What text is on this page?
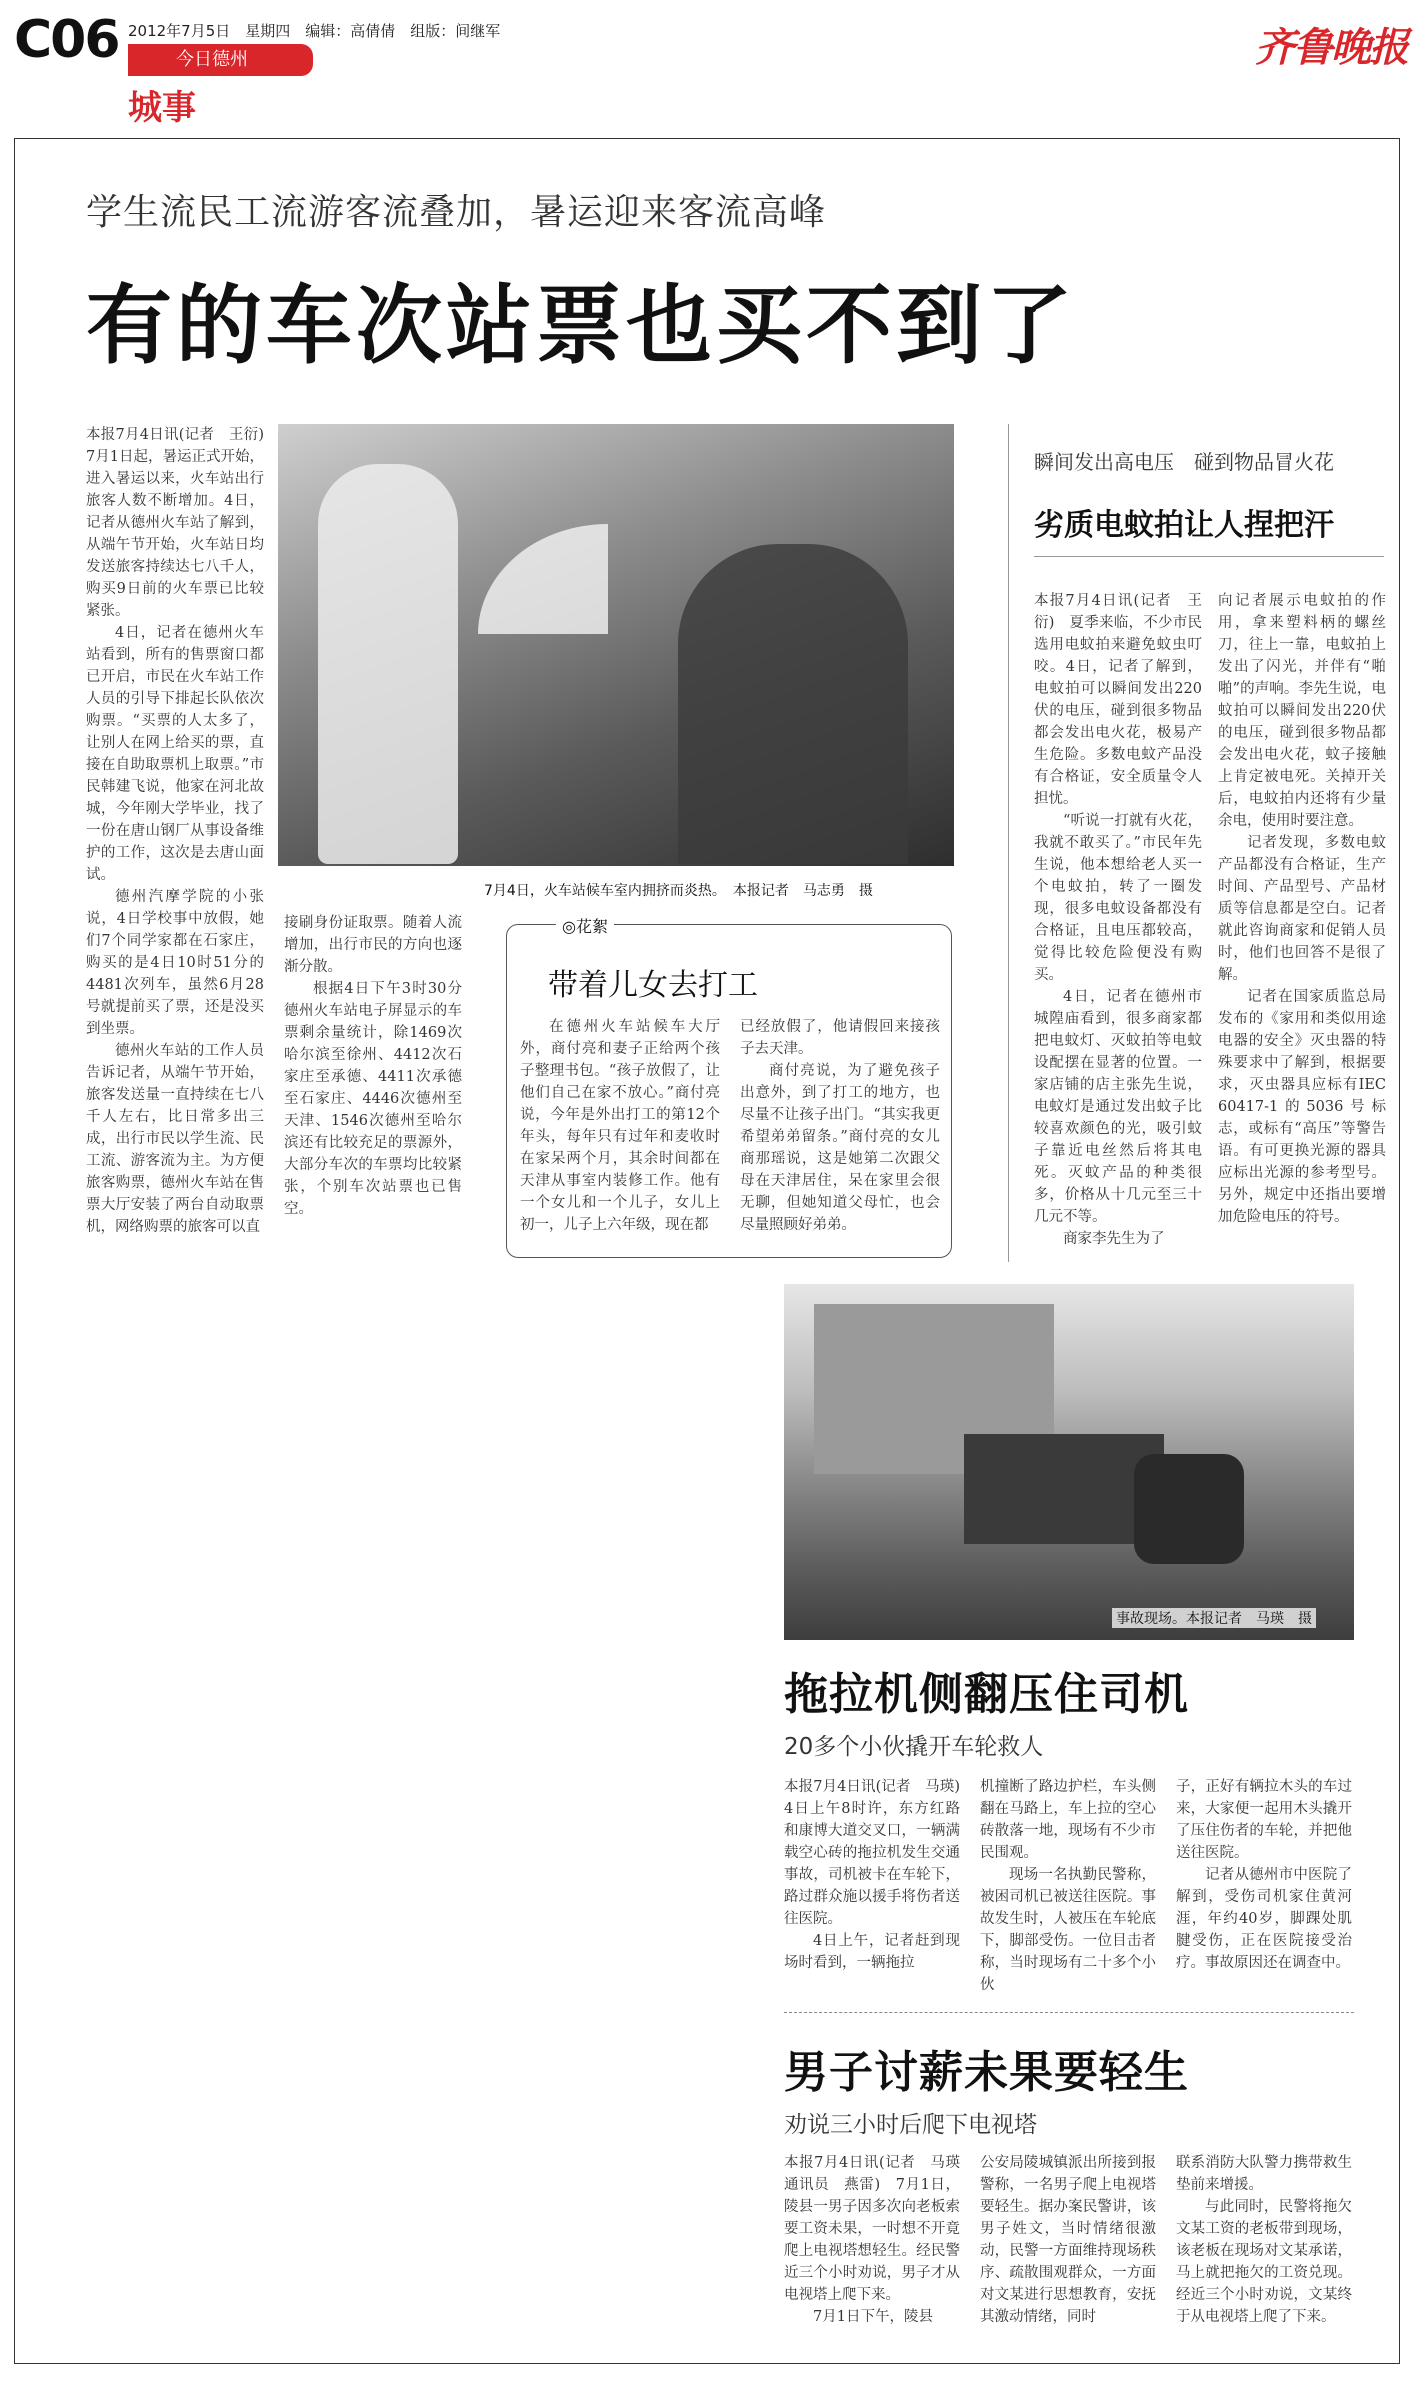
C06 2012年7月5日　星期四　编辑：高倩倩　组版：间继军
今日德州
城事
齐鲁晚报
学生流民工流游客流叠加，暑运迎来客流高峰
有的车次站票也买不到了
7月4日，火车站候车室内拥挤而炎热。　本报记者　马志勇　摄

本报7月4日讯(记者　王衍)　7月1日起，暑运正式开始，进入暑运以来，火车站出行旅客人数不断增加。4日，记者从德州火车站了解到，从端午节开始，火车站日均发送旅客持续达七八千人，购买9日前的火车票已比较紧张。

4日，记者在德州火车站看到，所有的售票窗口都已开启，市民在火车站工作人员的引导下排起长队依次购票。“买票的人太多了，让别人在网上给买的票，直接在自助取票机上取票。”市民韩建飞说，他家在河北故城，今年刚大学毕业，找了一份在唐山钢厂从事设备维护的工作，这次是去唐山面试。

德州汽摩学院的小张说，4日学校事中放假，她们7个同学家都在石家庄，购买的是4日10时51分的4481次列车，虽然6月28号就提前买了票，还是没买到坐票。

德州火车站的工作人员告诉记者，从端午节开始，旅客发送量一直持续在七八千人左右，比日常多出三成，出行市民以学生流、民工流、游客流为主。为方便旅客购票，德州火车站在售票大厅安装了两台自动取票机，网络购票的旅客可以直

接刷身份证取票。随着人流增加，出行市民的方向也逐渐分散。

根据4日下午3时30分德州火车站电子屏显示的车票剩余量统计，除1469次哈尔滨至徐州、4412次石家庄至承德、4411次承德至石家庄、4446次德州至天津、1546次德州至哈尔滨还有比较充足的票源外，大部分车次的车票均比较紧张，个别车次站票也已售空。

◎花絮
带着儿女去打工

在德州火车站候车大厅外，商付亮和妻子正给两个孩子整理书包。“孩子放假了，让他们自己在家不放心。”商付亮说，今年是外出打工的第12个年头，每年只有过年和麦收时在家呆两个月，其余时间都在天津从事室内装修工作。他有一个女儿和一个儿子，女儿上初一，儿子上六年级，现在都

已经放假了，他请假回来接孩子去天津。

商付亮说，为了避免孩子出意外，到了打工的地方，也尽量不让孩子出门。“其实我更希望弟弟留条。”商付亮的女儿商那瑶说，这是她第二次跟父母在天津居住，呆在家里会很无聊，但她知道父母忙，也会尽量照顾好弟弟。

瞬间发出高电压　碰到物品冒火花
劣质电蚊拍让人捏把汗

本报7月4日讯(记者　王衍)　夏季来临，不少市民选用电蚊拍来避免蚊虫叮咬。4日，记者了解到，电蚊拍可以瞬间发出220伏的电压，碰到很多物品都会发出电火花，极易产生危险。多数电蚊产品没有合格证，安全质量令人担忧。

“听说一打就有火花，我就不敢买了。”市民年先生说，他本想给老人买一个电蚊拍，转了一圈发现，很多电蚊设备都没有合格证，且电压都较高，觉得比较危险便没有购买。

4日，记者在德州市城隍庙看到，很多商家都把电蚊灯、灭蚊拍等电蚊设配摆在显著的位置。一家店铺的店主张先生说，电蚊灯是通过发出蚊子比较喜欢颜色的光，吸引蚊子靠近电丝然后将其电死。灭蚊产品的种类很多，价格从十几元至三十几元不等。

商家李先生为了

向记者展示电蚊拍的作用，拿来塑料柄的螺丝刀，往上一靠，电蚊拍上发出了闪光，并伴有“啪啪”的声响。李先生说，电蚊拍可以瞬间发出220伏的电压，碰到很多物品都会发出电火花，蚊子接触上肯定被电死。关掉开关后，电蚊拍内还将有少量余电，使用时要注意。

记者发现，多数电蚊产品都没有合格证，生产时间、产品型号、产品材质等信息都是空白。记者就此咨询商家和促销人员时，他们也回答不是很了解。

记者在国家质监总局发布的《家用和类似用途电器的安全》灭虫器的特殊要求中了解到，根据要求，灭虫器具应标有IEC 60417-1的5036号标志，或标有“高压”等警告语。有可更换光源的器具应标出光源的参考型号。另外，规定中还指出要增加危险电压的符号。

事故现场。本报记者　马瑛　摄
拖拉机侧翻压住司机
20多个小伙撬开车轮救人

本报7月4日讯(记者　马瑛)　4日上午8时许，东方红路和康博大道交叉口，一辆满载空心砖的拖拉机发生交通事故，司机被卡在车轮下，路过群众施以援手将伤者送往医院。

4日上午，记者赶到现场时看到，一辆拖拉

机撞断了路边护栏，车头侧翻在马路上，车上拉的空心砖散落一地，现场有不少市民围观。

现场一名执勤民警称，被困司机已被送往医院。事故发生时，人被压在车轮底下，脚部受伤。一位目击者称，当时现场有二十多个小伙

子，正好有辆拉木头的车过来，大家便一起用木头撬开了压住伤者的车轮，并把他送往医院。

记者从德州市中医院了解到，受伤司机家住黄河涯，年约40岁，脚踝处肌腱受伤，正在医院接受治疗。事故原因还在调查中。

男子讨薪未果要轻生
劝说三小时后爬下电视塔

本报7月4日讯(记者　马瑛　通讯员　燕雷)　7月1日，陵县一男子因多次向老板索要工资未果，一时想不开竟爬上电视塔想轻生。经民警近三个小时劝说，男子才从电视塔上爬下来。

7月1日下午，陵县

公安局陵城镇派出所接到报警称，一名男子爬上电视塔要轻生。据办案民警讲，该男子姓文，当时情绪很激动，民警一方面维持现场秩序、疏散围观群众，一方面对文某进行思想教育，安抚其激动情绪，同时

联系消防大队警力携带救生垫前来增援。

与此同时，民警将拖欠文某工资的老板带到现场，该老板在现场对文某承诺，马上就把拖欠的工资兑现。经近三个小时劝说，文某终于从电视塔上爬了下来。
